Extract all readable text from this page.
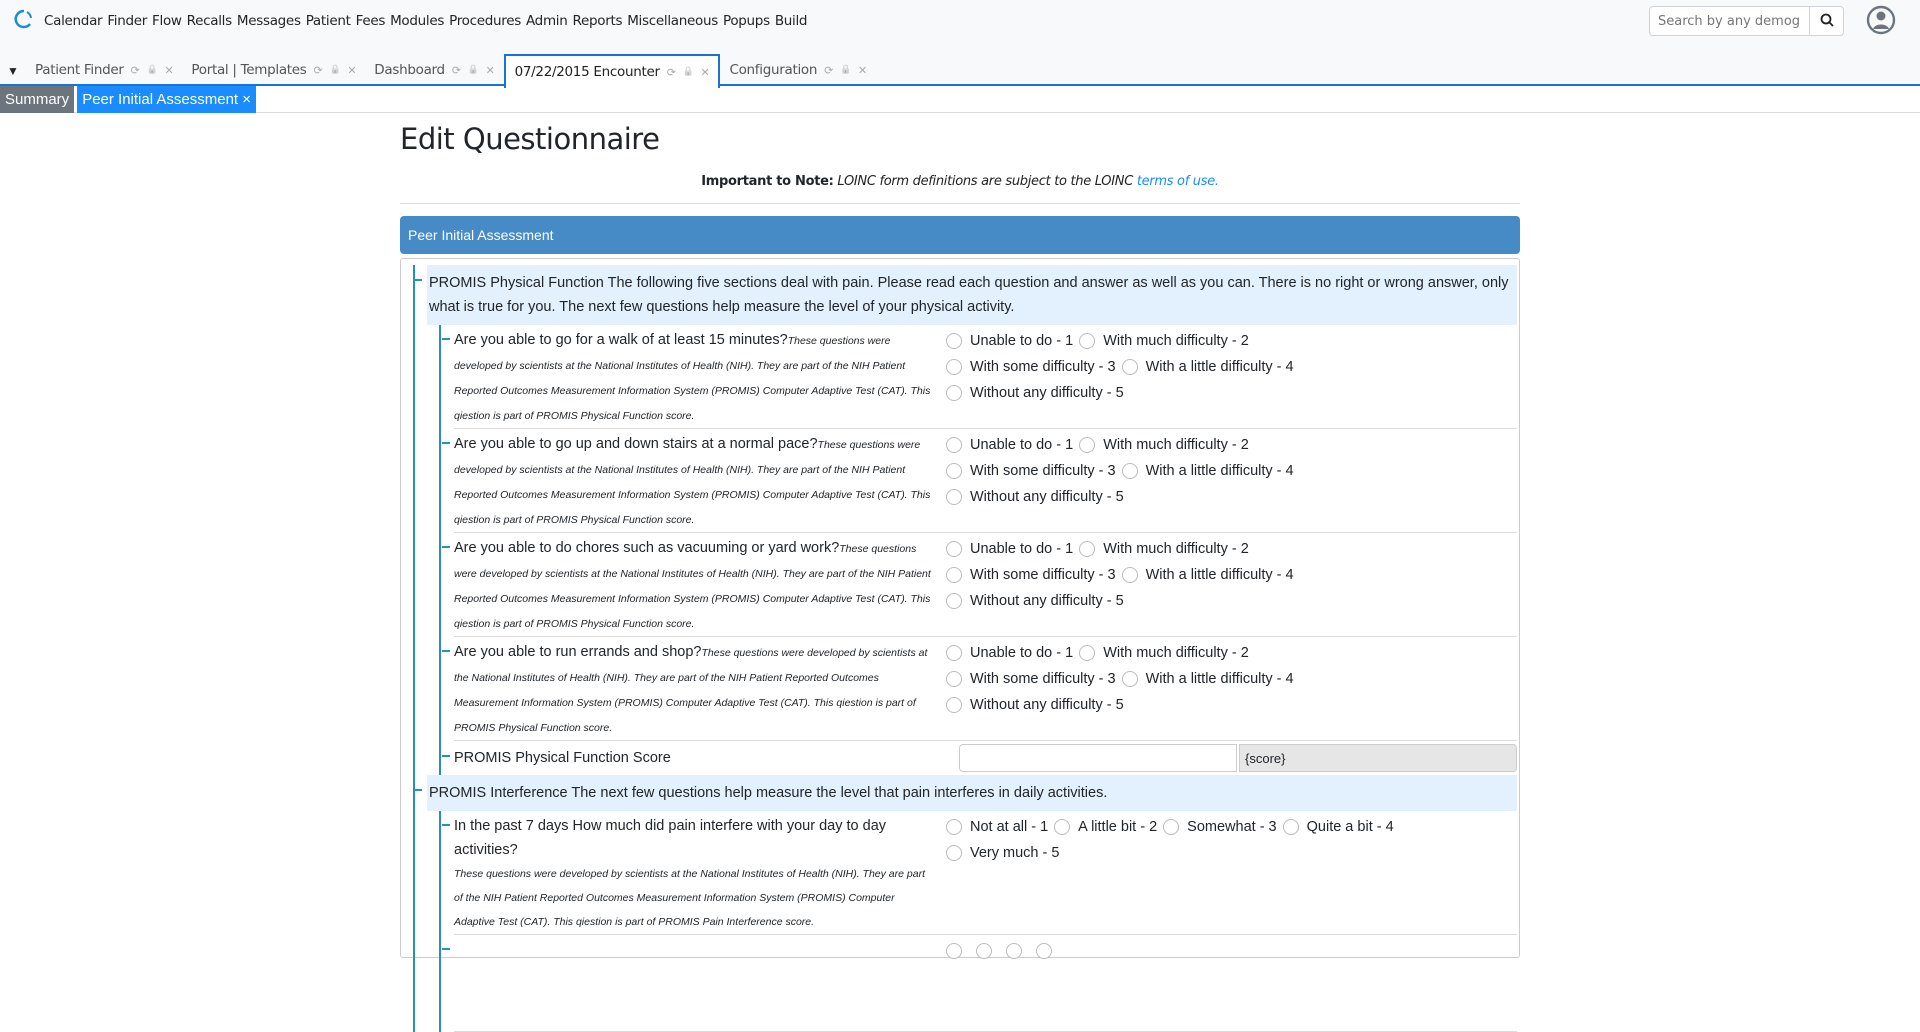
Calendar Finder Flow Recalls Messages Patient Fees Modules Procedures Admin Reports Miscellaneous Popups Build
Search by any demogra
▼ Patient Finder ⟳ 🔒 ✕ Portal | Templates ⟳ 🔒 ✕ Dashboard ⟳ 🔒 ✕ 07/22/2015 Encounter ⟳ 🔒 ✕ Configuration ⟳ 🔒 ✕
Summary Peer Initial Assessment ×
Edit Questionnaire
Important to Note: LOINC form definitions are subject to the LOINC terms of use.
Peer Initial Assessment
PROMIS Physical Function The following five sections deal with pain. Please read each question and answer as well as you can. There is no right or wrong answer, only what is true for you. The next few questions help measure the level of your physical activity.
Are you able to go for a walk of at least 15 minutes?These questions were developed by scientists at the National Institutes of Health (NIH). They are part of the NIH Patient Reported Outcomes Measurement Information System (PROMIS) Computer Adaptive Test (CAT). This qiestion is part of PROMIS Physical Function score.
Unable to do - 1 With much difficulty - 2
With some difficulty - 3 With a little difficulty - 4
Without any difficulty - 5
Are you able to go up and down stairs at a normal pace?These questions were developed by scientists at the National Institutes of Health (NIH). They are part of the NIH Patient Reported Outcomes Measurement Information System (PROMIS) Computer Adaptive Test (CAT). This qiestion is part of PROMIS Physical Function score.
Unable to do - 1 With much difficulty - 2
With some difficulty - 3 With a little difficulty - 4
Without any difficulty - 5
Are you able to do chores such as vacuuming or yard work?These questions were developed by scientists at the National Institutes of Health (NIH). They are part of the NIH Patient Reported Outcomes Measurement Information System (PROMIS) Computer Adaptive Test (CAT). This qiestion is part of PROMIS Physical Function score.
Unable to do - 1 With much difficulty - 2
With some difficulty - 3 With a little difficulty - 4
Without any difficulty - 5
Are you able to run errands and shop?These questions were developed by scientists at the National Institutes of Health (NIH). They are part of the NIH Patient Reported Outcomes Measurement Information System (PROMIS) Computer Adaptive Test (CAT). This qiestion is part of PROMIS Physical Function score.
Unable to do - 1 With much difficulty - 2
With some difficulty - 3 With a little difficulty - 4
Without any difficulty - 5
PROMIS Physical Function Score	{score}
PROMIS Interference The next few questions help measure the level that pain interferes in daily activities.
In the past 7 days How much did pain interfere with your day to day activities?
These questions were developed by scientists at the National Institutes of Health (NIH). They are part of the NIH Patient Reported Outcomes Measurement Information System (PROMIS) Computer Adaptive Test (CAT). This qiestion is part of PROMIS Pain Interference score.
Not at all - 1 A little bit - 2 Somewhat - 3 Quite a bit - 4
Very much - 5
